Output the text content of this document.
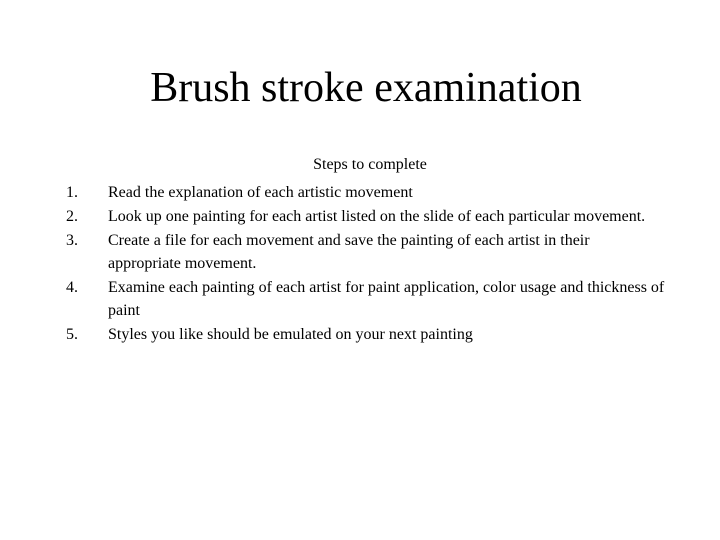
Brush stroke examination
Steps to complete
1. Read the explanation of each artistic movement
2. Look up one painting for each artist listed on the slide of each particular movement.
3. Create a file for each movement and save the painting of each artist in their appropriate movement.
4. Examine each painting of each artist for paint application, color usage and thickness of paint
5. Styles you like should be emulated on your next painting
